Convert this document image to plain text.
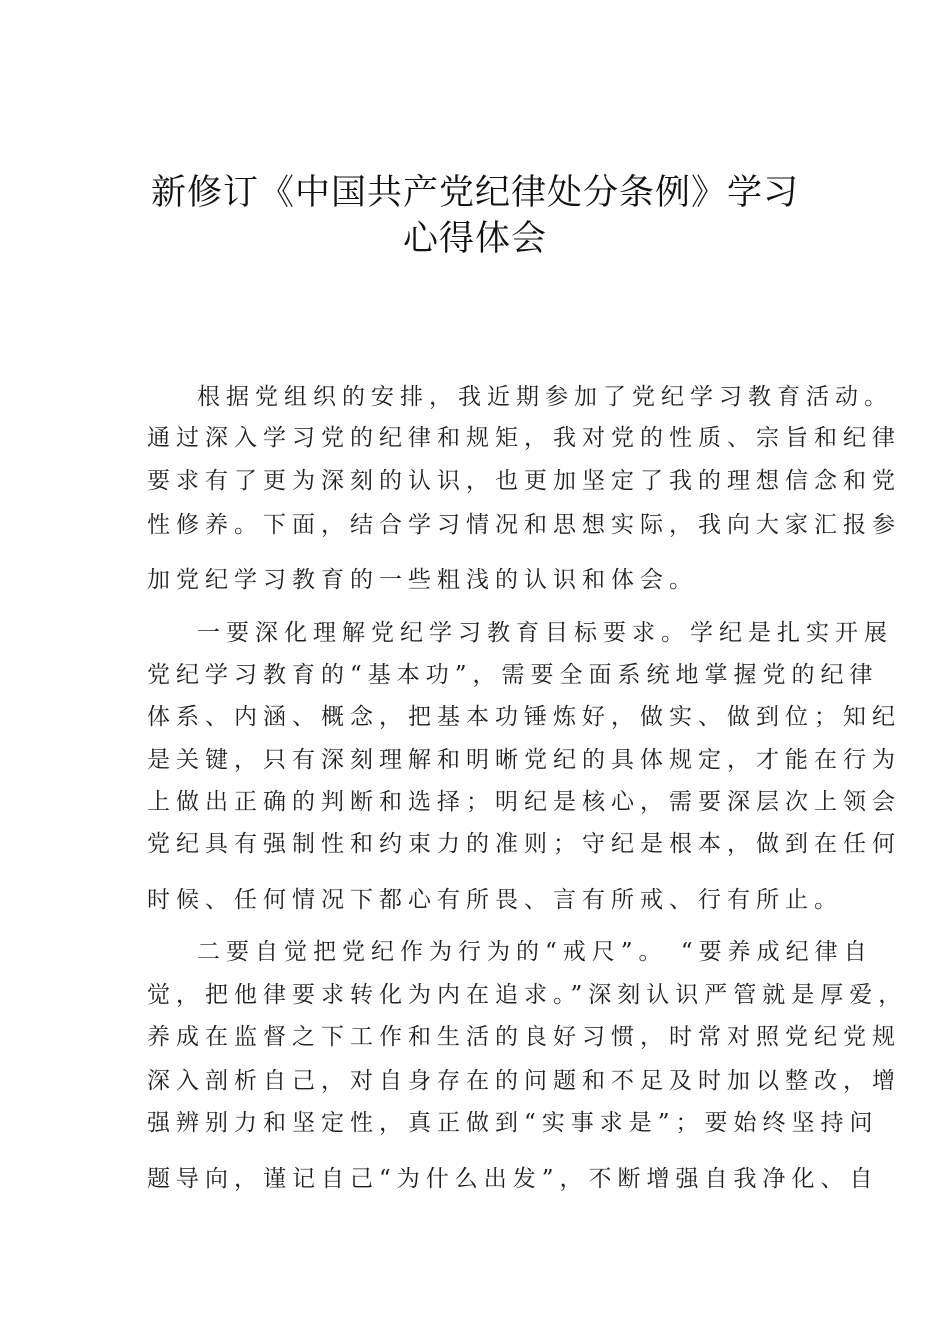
新修订《中国共产党纪律处分条例》学习
心得体会
根据党组织的安排，我近期参加了党纪学习教育活动。
通过深入学习党的纪律和规矩，我对党的性质、宗旨和纪律
要求有了更为深刻的认识，也更加坚定了我的理想信念和党
性修养。下面，结合学习情况和思想实际，我向大家汇报参
加党纪学习教育的一些粗浅的认识和体会。
一要深化理解党纪学习教育目标要求。学纪是扎实开展
党纪学习教育的“基本功”，需要全面系统地掌握党的纪律
体系、内涵、概念，把基本功锤炼好，做实、做到位；知纪
是关键，只有深刻理解和明晰党纪的具体规定，才能在行为
上做出正确的判断和选择；明纪是核心，需要深层次上领会
党纪具有强制性和约束力的准则；守纪是根本，做到在任何
时候、任何情况下都心有所畏、言有所戒、行有所止。
二要自觉把党纪作为行为的“戒尺”。 “要养成纪律自
觉，把他律要求转化为内在追求。”深刻认识严管就是厚爱，
养成在监督之下工作和生活的良好习惯，时常对照党纪党规
深入剖析自己，对自身存在的问题和不足及时加以整改，增
强辨别力和坚定性，真正做到“实事求是”；要始终坚持问
题导向，谨记自己“为什么出发”，不断增强自我净化、自
